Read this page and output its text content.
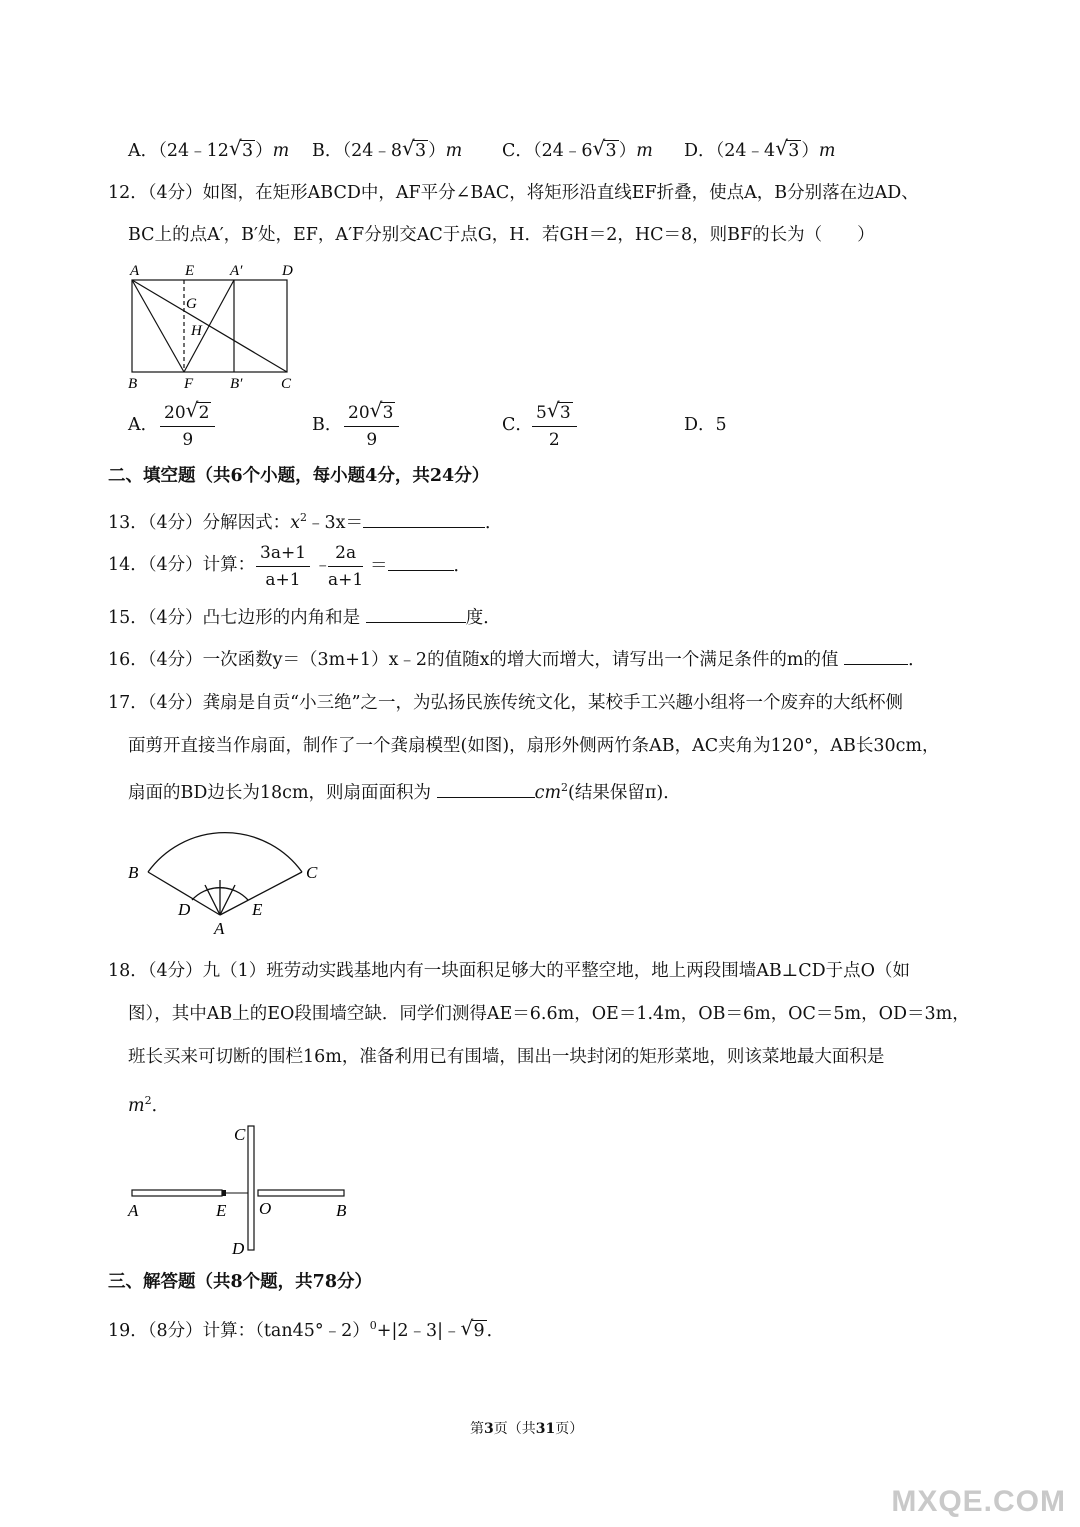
A．（24﹣12 √ 3 ）m B．（24﹣8 √ 3 ）m C．（24﹣6 √ 3 ）m D．（24﹣4 √ 3 ）m
12．（4分）如图，在矩形ABCD中，AF平分∠BAC，将矩形沿直线EF折叠，使点A，B分别落在边AD、
BC上的点A′，B′处，EF，A′F分别交AC于点G，H．若GH＝2，HC＝8，则BF的长为（　　）
A	E A′	D
G
H
B	F B′	C
A． $\frac{20 √ 2}{9}$	B． $\frac{20 √ 3}{9}$	C． $\frac{5 √ 3}{2}$	D．5
二、填空题（共6个小题，每小题4分，共24分）
13．（4分）分解因式：$x^2﹣3x=$	．
14．（4分）计算： $\frac{3a+1}{a+1}$ ﹣
$\frac{2a}{a+1}$ ＝	．
15．（4分）凸七边形的内角和是	度．
16．（4分）一次函数y＝（3m+1）x﹣2的值随x的增大而增大，请写出一个满足条件的m的值	．
17．（4分）龚扇是自贡“小三绝”之一，为弘扬民族传统文化，某校手工兴趣小组将一个废弃的大纸杯侧
面剪开直接当作扇面，制作了一个龚扇模型(如图)，扇形外侧两竹条AB，AC夹角为120°，AB长30cm，
扇面的BD边长为18cm，则扇面面积为	$cm^2$(结果保留π)．
B	C
D	E
A
18．（4分）九（1）班劳动实践基地内有一块面积足够大的平整空地，地上两段围墙AB⊥CD于点O（如
图），其中AB上的EO段围墙空缺．同学们测得AE＝6.6m，OE＝1.4m，OB＝6m，OC＝5m，OD＝3m，
班长买来可切断的围栏16m，准备利用已有围墙，围出一块封闭的矩形菜地，则该菜地最大面积是
$m^2$．
C
A	E O	B
D
三、解答题（共8个题，共78分）
19．（8分）计算：（tan45°﹣2）$^0$+|2﹣3|﹣ √ 9 ．
第3页（共31页）
MXQE.COM
